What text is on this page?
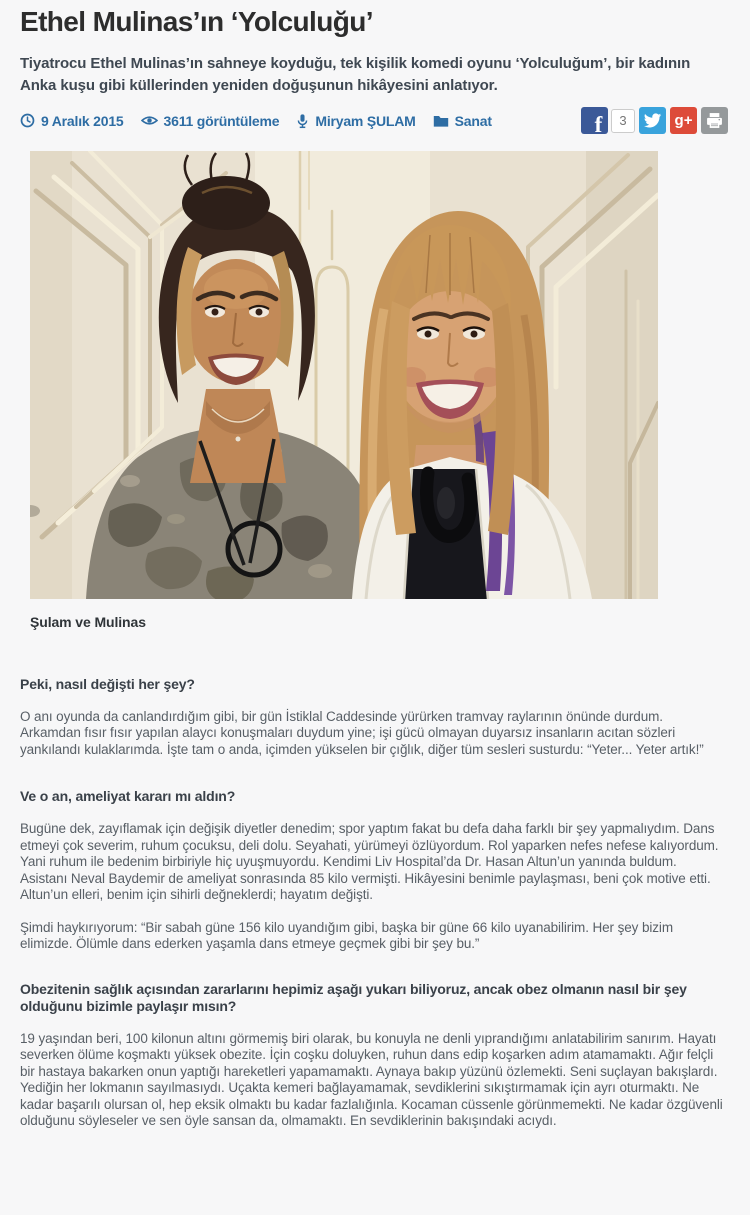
Ethel Mulinas’ın ‘Yolculuğu’

Tiyatrocu Ethel Mulinas’ın sahneye koyduğu, tek kişilik komedi oyunu ‘Yolculuğum’, bir kadının Anka kuşu gibi küllerinden yeniden doğuşunun hikâyesini anlatıyor.

9 Aralık 2015	3611 görüntüleme	Miryam ŞULAM	Sanat	f	3	g+
Şulam ve Mulinas
Peki, nasıl değişti her şey?
O anı oyunda da canlandırdığım gibi, bir gün İstiklal Caddesinde yürürken tramvay raylarının önünde durdum. Arkamdan fısır fısır yapılan alaycı konuşmaları duydum yine; işi gücü olmayan duyarsız insanların acıtan sözleri yankılandı kulaklarımda. İşte tam o anda, içimden yükselen bir çığlık, diğer tüm sesleri susturdu: “Yeter... Yeter artık!”
Ve o an, ameliyat kararı mı aldın?
Bugüne dek, zayıflamak için değişik diyetler denedim; spor yaptım fakat bu defa daha farklı bir şey yapmalıydım. Dans etmeyi çok severim, ruhum çocuksu, deli dolu. Seyahati, yürümeyi özlüyordum. Rol yaparken nefes nefese kalıyordum. Yani ruhum ile bedenim birbiriyle hiç uyuşmuyordu. Kendimi Liv Hospital’da Dr. Hasan Altun’un yanında buldum. Asistanı Neval Baydemir de ameliyat sonrasında 85 kilo vermişti. Hikâyesini benimle paylaşması, beni çok motive etti. Altun’un elleri, benim için sihirli değneklerdi; hayatım değişti.
Şimdi haykırıyorum: “Bir sabah güne 156 kilo uyandığım gibi, başka bir güne 66 kilo uyanabilirim. Her şey bizim elimizde. Ölümle dans ederken yaşamla dans etmeye geçmek gibi bir şey bu.”
Obezitenin sağlık açısından zararlarını hepimiz aşağı yukarı biliyoruz, ancak obez olmanın nasıl bir şey olduğunu bizimle paylaşır mısın?
19 yaşından beri, 100 kilonun altını görmemiş biri olarak, bu konuyla ne denli yıprandığımı anlatabilirim sanırım. Hayatı severken ölüme koşmaktı yüksek obezite. İçin coşku doluyken, ruhun dans edip koşarken adım atamamaktı. Ağır felçli bir hastaya bakarken onun yaptığı hareketleri yapamamaktı. Aynaya bakıp yüzünü özlemekti. Seni suçlayan bakışlardı. Yediğin her lokmanın sayılmasıydı. Uçakta kemeri bağlayamamak, sevdiklerini sıkıştırmamak için ayrı oturmaktı. Ne kadar başarılı olursan ol, hep eksik olmaktı bu kadar fazlalığınla. Kocaman cüssenle görünmemekti. Ne kadar özgüvenli olduğunu söyleseler ve sen öyle sansan da, olmamaktı. En sevdiklerinin bakışındaki acıydı.
